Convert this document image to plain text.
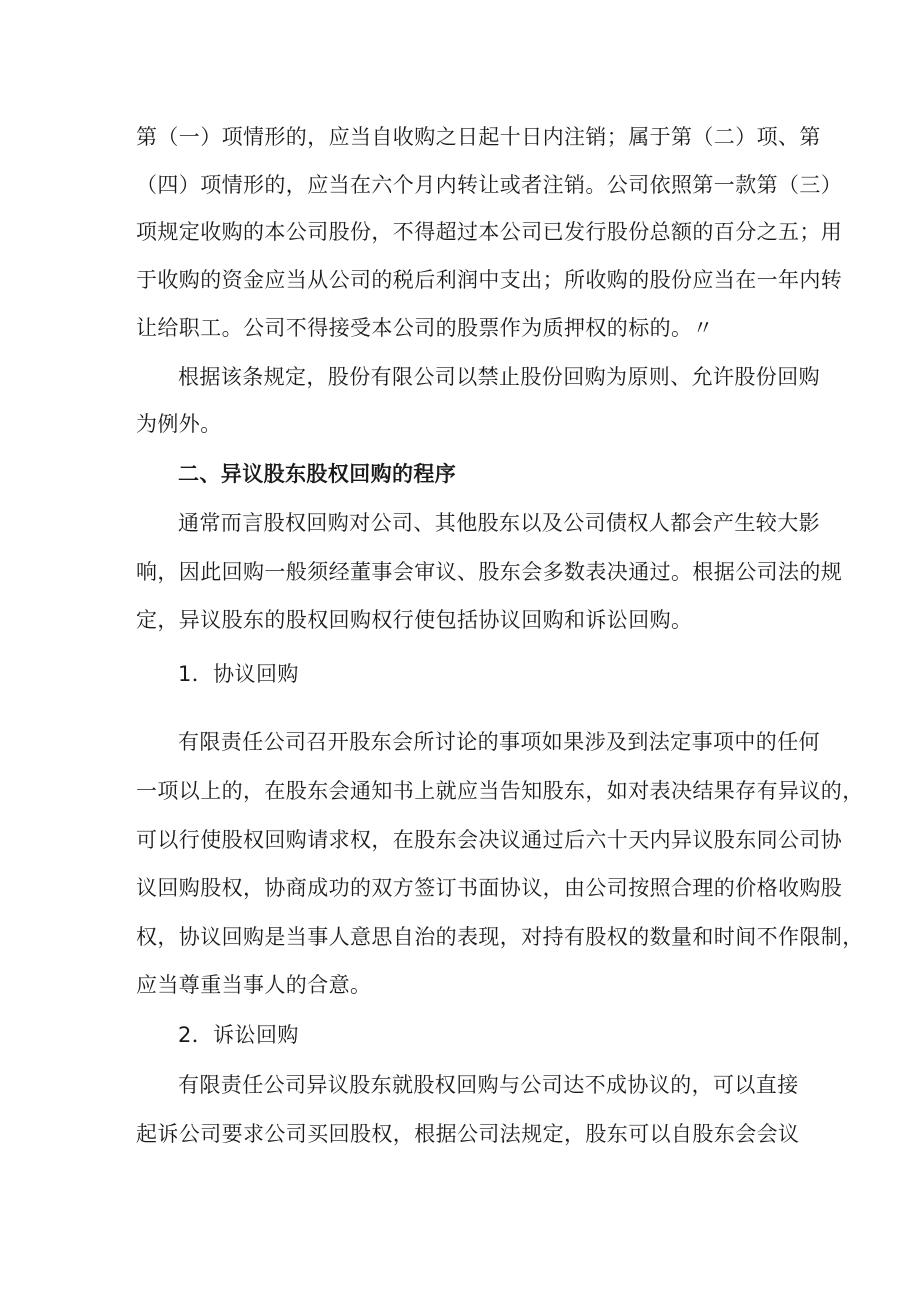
第（一）项情形的，应当自收购之日起十日内注销；属于第（二）项、第
（四）项情形的，应当在六个月内转让或者注销。公司依照第一款第（三）
项规定收购的本公司股份，不得超过本公司已发行股份总额的百分之五；用
于收购的资金应当从公司的税后利润中支出；所收购的股份应当在一年内转
让给职工。公司不得接受本公司的股票作为质押权的标的。〃
根据该条规定，股份有限公司以禁止股份回购为原则、允许股份回购
为例外。
二、异议股东股权回购的程序
通常而言股权回购对公司、其他股东以及公司债权人都会产生较大影
响，因此回购一般须经董事会审议、股东会多数表决通过。根据公司法的规
定，异议股东的股权回购权行使包括协议回购和诉讼回购。
1．协议回购
有限责任公司召开股东会所讨论的事项如果涉及到法定事项中的任何
一项以上的，在股东会通知书上就应当告知股东，如对表决结果存有异议的，
可以行使股权回购请求权，在股东会决议通过后六十天内异议股东同公司协
议回购股权，协商成功的双方签订书面协议，由公司按照合理的价格收购股
权，协议回购是当事人意思自治的表现，对持有股权的数量和时间不作限制，
应当尊重当事人的合意。
2．诉讼回购
有限责任公司异议股东就股权回购与公司达不成协议的，可以直接
起诉公司要求公司买回股权，根据公司法规定，股东可以自股东会会议
